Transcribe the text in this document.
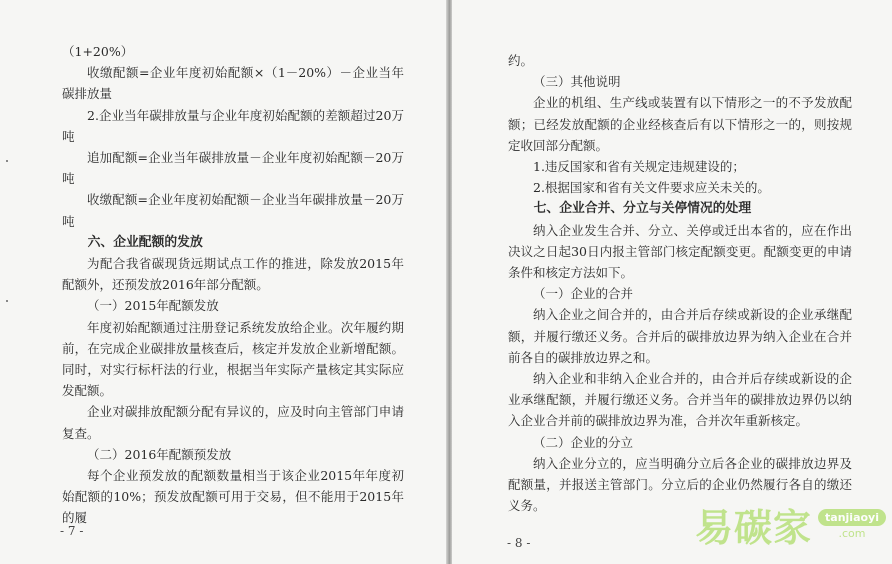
（1+20%）

收缴配额=企业年度初始配额×（1－20%）－企业当年碳排放量

2.企业当年碳排放量与企业年度初始配额的差额超过20万吨

追加配额=企业当年碳排放量－企业年度初始配额－20万吨

收缴配额=企业年度初始配额－企业当年碳排放量－20万吨

六、企业配额的发放

为配合我省碳现货远期试点工作的推进，除发放2015年配额外，还预发放2016年部分配额。

（一）2015年配额发放

年度初始配额通过注册登记系统发放给企业。次年履约期前，在完成企业碳排放量核查后，核定并发放企业新增配额。同时，对实行标杆法的行业，根据当年实际产量核定其实际应发配额。

企业对碳排放配额分配有异议的，应及时向主管部门申请复查。

（二）2016年配额预发放

每个企业预发放的配额数量相当于该企业2015年年度初始配额的10%；预发放配额可用于交易，但不能用于2015年的履

- 7 -

约。

（三）其他说明

企业的机组、生产线或装置有以下情形之一的不予发放配额；已经发放配额的企业经核查后有以下情形之一的，则按规定收回部分配额。

1.违反国家和省有关规定违规建设的；

2.根据国家和省有关文件要求应关未关的。

七、企业合并、分立与关停情况的处理

纳入企业发生合并、分立、关停或迁出本省的，应在作出决议之日起30日内报主管部门核定配额变更。配额变更的申请条件和核定方法如下。

（一）企业的合并

纳入企业之间合并的，由合并后存续或新设的企业承继配额，并履行缴还义务。合并后的碳排放边界为纳入企业在合并前各自的碳排放边界之和。

纳入企业和非纳入企业合并的，由合并后存续或新设的企业承继配额，并履行缴还义务。合并当年的碳排放边界仍以纳入企业合并前的碳排放边界为准，合并次年重新核定。

（二）企业的分立

纳入企业分立的，应当明确分立后各企业的碳排放边界及配额量，并报送主管部门。分立后的企业仍然履行各自的缴还义务。

- 8 -	易碳家	tanjiaoyi
.com
